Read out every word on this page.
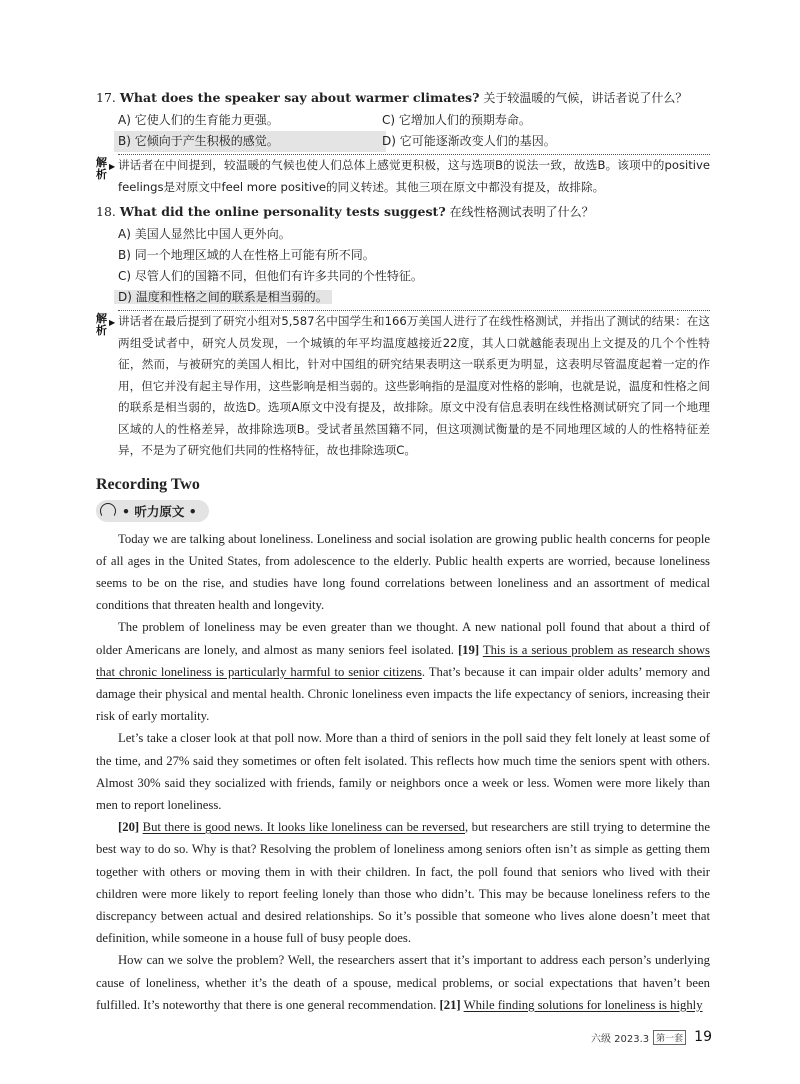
17. What does the speaker say about warmer climates? 关于较温暖的气候，讲话者说了什么？

A) 它使人们的生育能力更强。	C) 它增加人们的预期寿命。
B) 它倾向于产生积极的感觉。	D) 它可能逐渐改变人们的基因。
解析
▶ 讲话者在中间提到，较温暖的气候也使人们总体上感觉更积极，这与选项B的说法一致，故选B。该项中的positive feelings是对原文中feel more positive的同义转述。其他三项在原文中都没有提及，故排除。

18. What did the online personality tests suggest? 在线性格测试表明了什么？

A) 美国人显然比中国人更外向。
B) 同一个地理区域的人在性格上可能有所不同。
C) 尽管人们的国籍不同，但他们有许多共同的个性特征。
D) 温度和性格之间的联系是相当弱的。
解析
▶ 讲话者在最后提到了研究小组对5,587名中国学生和166万美国人进行了在线性格测试，并指出了测试的结果：在这两组受试者中，研究人员发现，一个城镇的年平均温度越接近22度，其人口就越能表现出上文提及的几个个性特征，然而，与被研究的美国人相比，针对中国组的研究结果表明这一联系更为明显，这表明尽管温度起着一定的作用，但它并没有起主导作用，这些影响是相当弱的。这些影响指的是温度对性格的影响，也就是说，温度和性格之间的联系是相当弱的，故选D。选项A原文中没有提及，故排除。原文中没有信息表明在线性格测试研究了同一个地理区域的人的性格差异，故排除选项B。受试者虽然国籍不同，但这项测试衡量的是不同地理区域的人的性格特征差异，不是为了研究他们共同的性格特征，故也排除选项C。
Recording Two
• 听力原文 •

Today we are talking about loneliness. Loneliness and social isolation are growing public health concerns for people of all ages in the United States, from adolescence to the elderly. Public health experts are worried, because loneliness seems to be on the rise, and studies have long found correlations between loneliness and an assortment of medical conditions that threaten health and longevity.

The problem of loneliness may be even greater than we thought. A new national poll found that about a third of older Americans are lonely, and almost as many seniors feel isolated. [19] This is a serious problem as research shows that chronic loneliness is particularly harmful to senior citizens. That’s because it can impair older adults’ memory and damage their physical and mental health. Chronic loneliness even impacts the life expectancy of seniors, increasing their risk of early mortality.

Let’s take a closer look at that poll now. More than a third of seniors in the poll said they felt lonely at least some of the time, and 27% said they sometimes or often felt isolated. This reflects how much time the seniors spent with others. Almost 30% said they socialized with friends, family or neighbors once a week or less. Women were more likely than men to report loneliness.

[20] But there is good news. It looks like loneliness can be reversed, but researchers are still trying to determine the best way to do so. Why is that? Resolving the problem of loneliness among seniors often isn’t as simple as getting them together with others or moving them in with their children. In fact, the poll found that seniors who lived with their children were more likely to report feeling lonely than those who didn’t. This may be because loneliness refers to the discrepancy between actual and desired relationships. So it’s possible that someone who lives alone doesn’t meet that definition, while someone in a house full of busy people does.

How can we solve the problem? Well, the researchers assert that it’s important to address each person’s underlying cause of loneliness, whether it’s the death of a spouse, medical problems, or social expectations that haven’t been fulfilled. It’s noteworthy that there is one general recommendation. [21] While finding solutions for loneliness is highly

六级 2023.3 第一套 19
